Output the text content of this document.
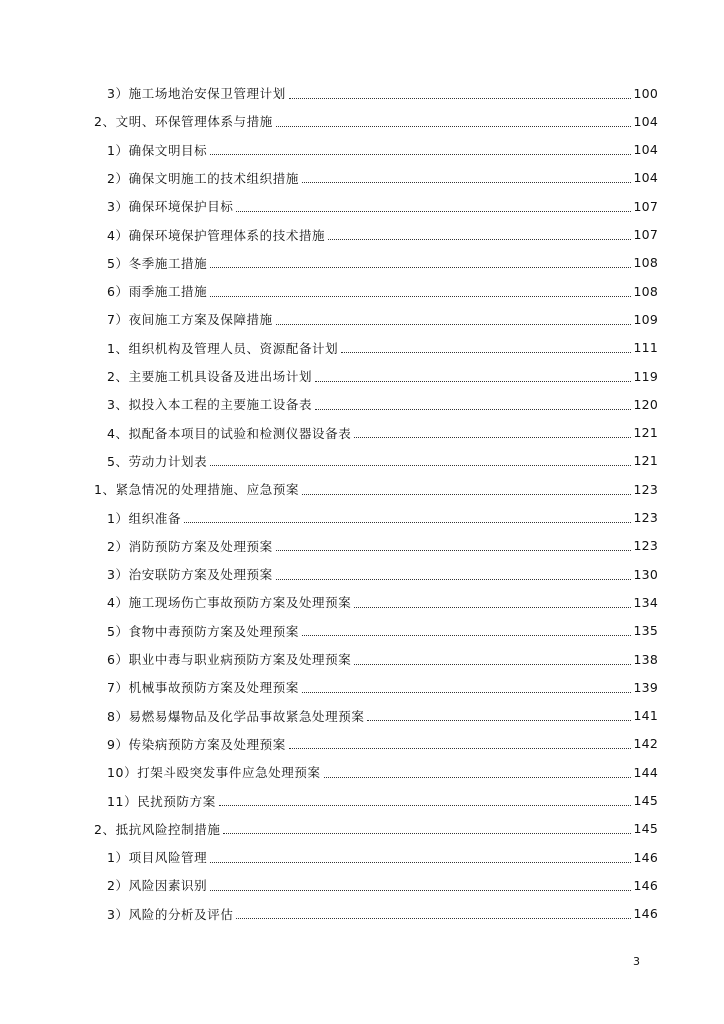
3）施工场地治安保卫管理计划	100
2、文明、环保管理体系与措施	104
1）确保文明目标	104
2）确保文明施工的技术组织措施	104
3）确保环境保护目标	107
4）确保环境保护管理体系的技术措施	107
5）冬季施工措施	108
6）雨季施工措施	108
7）夜间施工方案及保障措施	109
1、组织机构及管理人员、资源配备计划	111
2、主要施工机具设备及进出场计划	119
3、拟投入本工程的主要施工设备表	120
4、拟配备本项目的试验和检测仪器设备表	121
5、劳动力计划表	121
1、紧急情况的处理措施、应急预案	123
1）组织准备	123
2）消防预防方案及处理预案	123
3）治安联防方案及处理预案	130
4）施工现场伤亡事故预防方案及处理预案	134
5）食物中毒预防方案及处理预案	135
6）职业中毒与职业病预防方案及处理预案	138
7）机械事故预防方案及处理预案	139
8）易燃易爆物品及化学品事故紧急处理预案	141
9）传染病预防方案及处理预案	142
10）打架斗殴突发事件应急处理预案	144
11）民扰预防方案	145
2、抵抗风险控制措施	145
1）项目风险管理	146
2）风险因素识别	146
3）风险的分析及评估	146
3
